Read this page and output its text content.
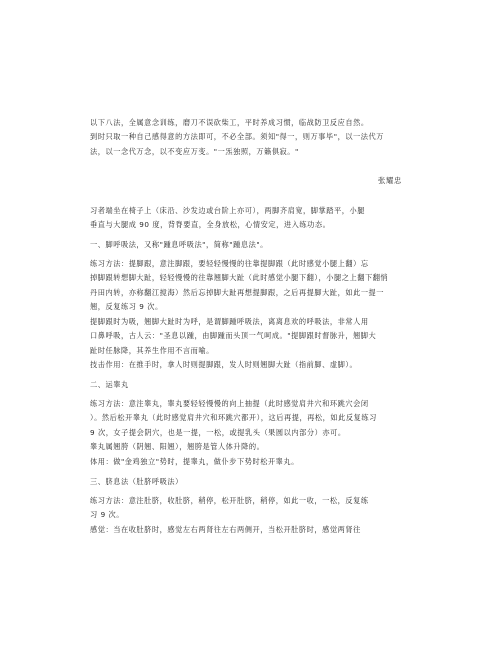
以下八法，全属意念训练，磨刀不误砍柴工，平时养成习惯，临战防卫反应自然。

到时只取一种自己感得意的方法即可，不必全部。须知"得一，则万事毕"，以一法代万

法，以一念代万念，以不变应万变。"一炁独照，万籁俱寂。"

张耀忠

习者端坐在椅子上（床沿、沙发边或台阶上亦可），两脚齐肩宽，脚掌踏平，小腿

垂直与大腿成 90 度，背脊要直，全身放松，心情安定，进入练功态。

一、脚呼吸法，又称"踵息呼吸法"，简称"踵息法"。

练习方法：提脚跟，意注脚跟，要轻轻慢慢的往靠提脚跟（此时感觉小腿上翻）忘

掉脚跟转想脚大趾，轻轻慢慢的往靠翘脚大趾（此时感觉小腿下翻），小腿之上翻下翻悄

丹田内转，亦称翻江搅海）然后忘掉脚大趾再想提脚跟，之后再提脚大趾，如此一提一

翘，反复练习 9 次。

提脚跟时为吸，翘脚大趾时为呼，是谓脚踵呼吸法，离离息欢的呼吸法，非常人用

口鼻呼吸，古人云："圣息以踵，由脚踵而头顶一气呵成。"提脚跟时督脉升，翘脚大

趾时任脉降，其养生作用不言而喻。

技击作用：在推手时，拿人时则提脚跟，发人时则翘脚大趾（指前脚、虚脚）。

二、运睾丸

练习方法：意注睾丸，睾丸要轻轻慢慢的向上抽提（此时感觉肩井穴和环跳穴会闭

）。然后松开睾丸（此时感觉肩井穴和环跳穴都开），这后再提，再松，如此反复练习

9 次，女子提会阴穴，也是一提，一松，或提乳头（果圆以内部分）亦可。

睾丸属翘胯（阴翘、阳翘），翘胯是管人体升降的。

体用：做"金鸡独立"势时，提睾丸，做仆步下势时松开睾丸。

三、脐息法（肚脐呼吸法）

练习方法：意注肚脐，收肚脐，稍停，松开肚脐，稍停，如此一收，一松，反复练

习 9 次。

感觉：当在收肚脐时，感觉左右两肾往左右两侧开，当松开肚脐时，感觉两肾往
